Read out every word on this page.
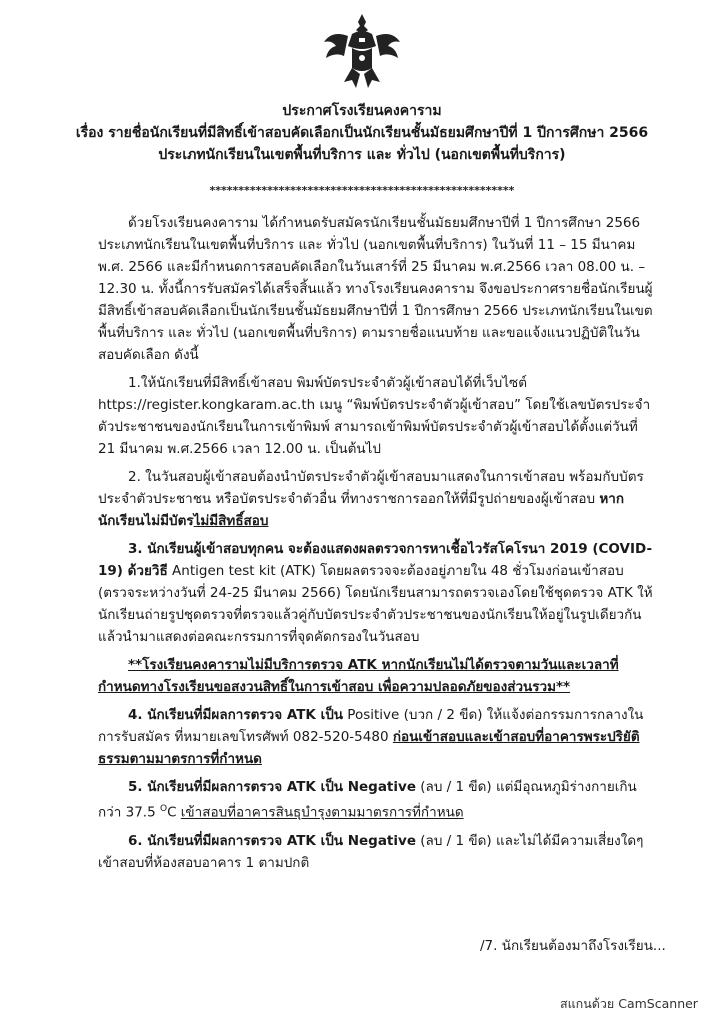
ประกาศโรงเรียนคงคาราม
เรื่อง รายชื่อนักเรียนที่มีสิทธิ์เข้าสอบคัดเลือกเป็นนักเรียนชั้นมัธยมศึกษาปีที่ 1 ปีการศึกษา 2566
ประเภทนักเรียนในเขตพื้นที่บริการ และ ทั่วไป (นอกเขตพื้นที่บริการ)
*****************************************************

ด้วยโรงเรียนคงคาราม ได้กำหนดรับสมัครนักเรียนชั้นมัธยมศึกษาปีที่ 1 ปีการศึกษา 2566 ประเภทนักเรียนในเขตพื้นที่บริการ และ ทั่วไป (นอกเขตพื้นที่บริการ) ในวันที่ 11 – 15 มีนาคม พ.ศ. 2566 และมีกำหนดการสอบคัดเลือกในวันเสาร์ที่ 25 มีนาคม พ.ศ.2566 เวลา 08.00 น. – 12.30 น. ทั้งนี้การรับสมัครได้เสร็จสิ้นแล้ว ทางโรงเรียนคงคาราม จึงขอประกาศรายชื่อนักเรียนผู้มีสิทธิ์เข้าสอบคัดเลือกเป็นนักเรียนชั้นมัธยมศึกษาปีที่ 1 ปีการศึกษา 2566 ประเภทนักเรียนในเขตพื้นที่บริการ และ ทั่วไป (นอกเขตพื้นที่บริการ) ตามรายชื่อแนบท้าย และขอแจ้งแนวปฏิบัติในวันสอบคัดเลือก ดังนี้

1.ให้นักเรียนที่มีสิทธิ์เข้าสอบ พิมพ์บัตรประจำตัวผู้เข้าสอบได้ที่เว็บไซต์ https://register.kongkaram.ac.th เมนู “พิมพ์บัตรประจำตัวผู้เข้าสอบ” โดยใช้เลขบัตรประจำตัวประชาชนของนักเรียนในการเข้าพิมพ์ สามารถเข้าพิมพ์บัตรประจำตัวผู้เข้าสอบได้ตั้งแต่วันที่ 21 มีนาคม พ.ศ.2566 เวลา 12.00 น. เป็นต้นไป

2. ในวันสอบผู้เข้าสอบต้องนำบัตรประจำตัวผู้เข้าสอบมาแสดงในการเข้าสอบ พร้อมกับบัตรประจำตัวประชาชน หรือบัตรประจำตัวอื่น ที่ทางราชการออกให้ที่มีรูปถ่ายของผู้เข้าสอบ หากนักเรียนไม่มีบัตรไม่มีสิทธิ์สอบ

3. นักเรียนผู้เข้าสอบทุกคน จะต้องแสดงผลตรวจการหาเชื้อไวรัสโคโรนา 2019 (COVID-19) ด้วยวิธี Antigen test kit (ATK) โดยผลตรวจจะต้องอยู่ภายใน 48 ชั่วโมงก่อนเข้าสอบ (ตรวจระหว่างวันที่ 24-25 มีนาคม 2566) โดยนักเรียนสามารถตรวจเองโดยใช้ชุดตรวจ ATK ให้นักเรียนถ่ายรูปชุดตรวจที่ตรวจแล้วคู่กับบัตรประจำตัวประชาชนของนักเรียนให้อยู่ในรูปเดียวกัน แล้วนำมาแสดงต่อคณะกรรมการที่จุดคัดกรองในวันสอบ

**โรงเรียนคงคารามไม่มีบริการตรวจ ATK หากนักเรียนไม่ได้ตรวจตามวันและเวลาที่กำหนดทางโรงเรียนขอสงวนสิทธิ์ในการเข้าสอบ เพื่อความปลอดภัยของส่วนรวม**

4. นักเรียนที่มีผลการตรวจ ATK เป็น Positive (บวก / 2 ขีด) ให้แจ้งต่อกรรมการกลางในการรับสมัคร ที่หมายเลขโทรศัพท์ 082-520-5480 ก่อนเข้าสอบและเข้าสอบที่อาคารพระปริยัติธรรมตามมาตรการที่กำหนด

5. นักเรียนที่มีผลการตรวจ ATK เป็น Negative (ลบ / 1 ขีด) แต่มีอุณหภูมิร่างกายเกินกว่า 37.5 $^O$C เข้าสอบที่อาคารสินธุบำรุงตามมาตรการที่กำหนด

6. นักเรียนที่มีผลการตรวจ ATK เป็น Negative (ลบ / 1 ขีด) และไม่ได้มีความเสี่ยงใดๆ เข้าสอบที่ห้องสอบอาคาร 1 ตามปกติ

/7. นักเรียนต้องมาถึงโรงเรียน...
สแกนด้วย CamScanner
